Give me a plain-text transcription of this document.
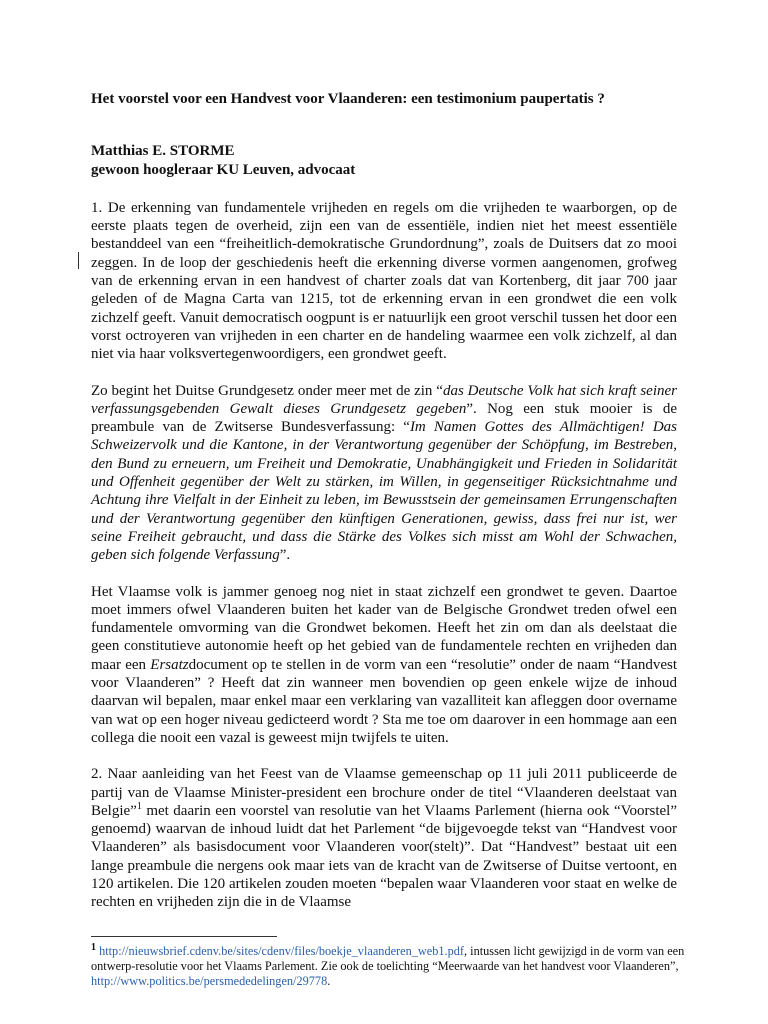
Het voorstel voor een Handvest voor Vlaanderen: een testimonium paupertatis ?

Matthias E. STORME

gewoon hoogleraar KU Leuven, advocaat

1. De erkenning van fundamentele vrijheden en regels om die vrijheden te waarborgen, op de eerste plaats tegen de overheid, zijn een van de essentiële, indien niet het meest essentiële bestanddeel van een “freiheitlich-demokratische Grundordnung”, zoals de Duitsers dat zo mooi zeggen. In de loop der geschiedenis heeft die erkenning diverse vormen aangenomen, grofweg van de erkenning ervan in een handvest of charter zoals dat van Kortenberg, dit jaar 700 jaar geleden of de Magna Carta van 1215, tot de erkenning ervan in een grondwet die een volk zichzelf geeft. Vanuit democratisch oogpunt is er natuurlijk een groot verschil tussen het door een vorst octroyeren van vrijheden in een charter en de handeling waarmee een volk zichzelf, al dan niet via haar volksvertegenwoordigers, een grondwet geeft.

Zo begint het Duitse Grundgesetz onder meer met de zin “das Deutsche Volk hat sich kraft seiner verfassungsgebenden Gewalt dieses Grundgesetz gegeben”. Nog een stuk mooier is de preambule van de Zwitserse Bundesverfassung: “Im Namen Gottes des Allmächtigen! Das Schweizervolk und die Kantone, in der Verantwortung gegenüber der Schöpfung, im Bestreben, den Bund zu erneuern, um Freiheit und Demokratie, Unabhängigkeit und Frieden in Solidarität und Offenheit gegenüber der Welt zu stärken, im Willen, in gegenseitiger Rücksichtnahme und Achtung ihre Vielfalt in der Einheit zu leben, im Bewusstsein der gemeinsamen Errungenschaften und der Verantwortung gegenüber den künftigen Generationen, gewiss, dass frei nur ist, wer seine Freiheit gebraucht, und dass die Stärke des Volkes sich misst am Wohl der Schwachen, geben sich folgende Verfassung”.

Het Vlaamse volk is jammer genoeg nog niet in staat zichzelf een grondwet te geven. Daartoe moet immers ofwel Vlaanderen buiten het kader van de Belgische Grondwet treden ofwel een fundamentele omvorming van die Grondwet bekomen. Heeft het zin om dan als deelstaat die geen constitutieve autonomie heeft op het gebied van de fundamentele rechten en vrijheden dan maar een Ersatzdocument op te stellen in de vorm van een “resolutie” onder de naam “Handvest voor Vlaanderen” ? Heeft dat zin wanneer men bovendien op geen enkele wijze de inhoud daarvan wil bepalen, maar enkel maar een verklaring van vazalliteit kan afleggen door overname van wat op een hoger niveau gedicteerd wordt ? Sta me toe om daarover in een hommage aan een collega die nooit een vazal is geweest mijn twijfels te uiten.

2. Naar aanleiding van het Feest van de Vlaamse gemeenschap op 11 juli 2011 publiceerde de partij van de Vlaamse Minister-president een brochure onder de titel “Vlaanderen deelstaat van Belgie”$^1$ met daarin een voorstel van resolutie van het Vlaams Parlement (hierna ook “Voorstel” genoemd) waarvan de inhoud luidt dat het Parlement “de bijgevoegde tekst van “Handvest voor Vlaanderen” als basisdocument voor Vlaanderen voor(stelt)”. Dat “Handvest” bestaat uit een lange preambule die nergens ook maar iets van de kracht van de Zwitserse of Duitse vertoont, en 120 artikelen. Die 120 artikelen zouden moeten “bepalen waar Vlaanderen voor staat en welke de rechten en vrijheden zijn die in de Vlaamse

$^1$ http://nieuwsbrief.cdenv.be/sites/cdenv/files/boekje_vlaanderen_web1.pdf, intussen licht gewijzigd in de vorm van een ontwerp-resolutie voor het Vlaams Parlement. Zie ook de toelichting “Meerwaarde van het handvest voor Vlaanderen”, http://www.politics.be/persmededelingen/29778.
